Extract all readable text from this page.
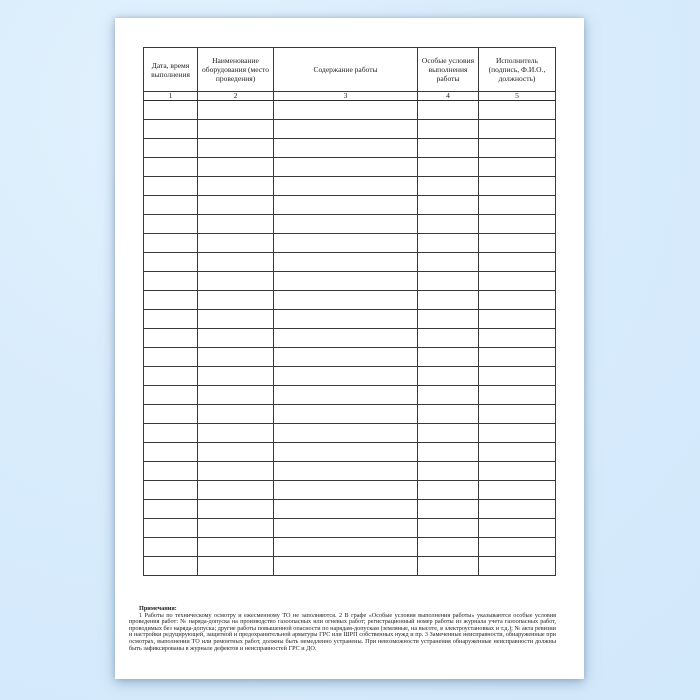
Дата, время выполнения	Наименование оборудования (место проведения)	Содержание работы	Особые условия выполнения работы	Исполнитель (подпись, Ф.И.О., должность)
1	2	3	4	5

Примечания:
1 Работы по техническому осмотру и ежесменному ТО не заполняются. 2 В графе «Особые условия выполнения работы» указываются особые условия проведения работ: № наряда-допуска на производство газоопасных или огневых работ; регистрационный номер работы из журнала учета газоопасных работ, проводимых без наряда-допуска; другие работы повышенной опасности по нарядам-допускам (земляные, на высоте, в электроустановках и т.д.); № акта ревизии и настройки редуцирующей, защитной и предохранительной арматуры ГРС или ШРП собственных нужд и пр. 3 Замеченные неисправности, обнаруженные при осмотрах, выполнении ТО или ремонтных работ, должны быть немедленно устранены. При невозможности устранения обнаруженные неисправности должны быть зафиксированы в журнале дефектов и неисправностей ГРС и ДО.
